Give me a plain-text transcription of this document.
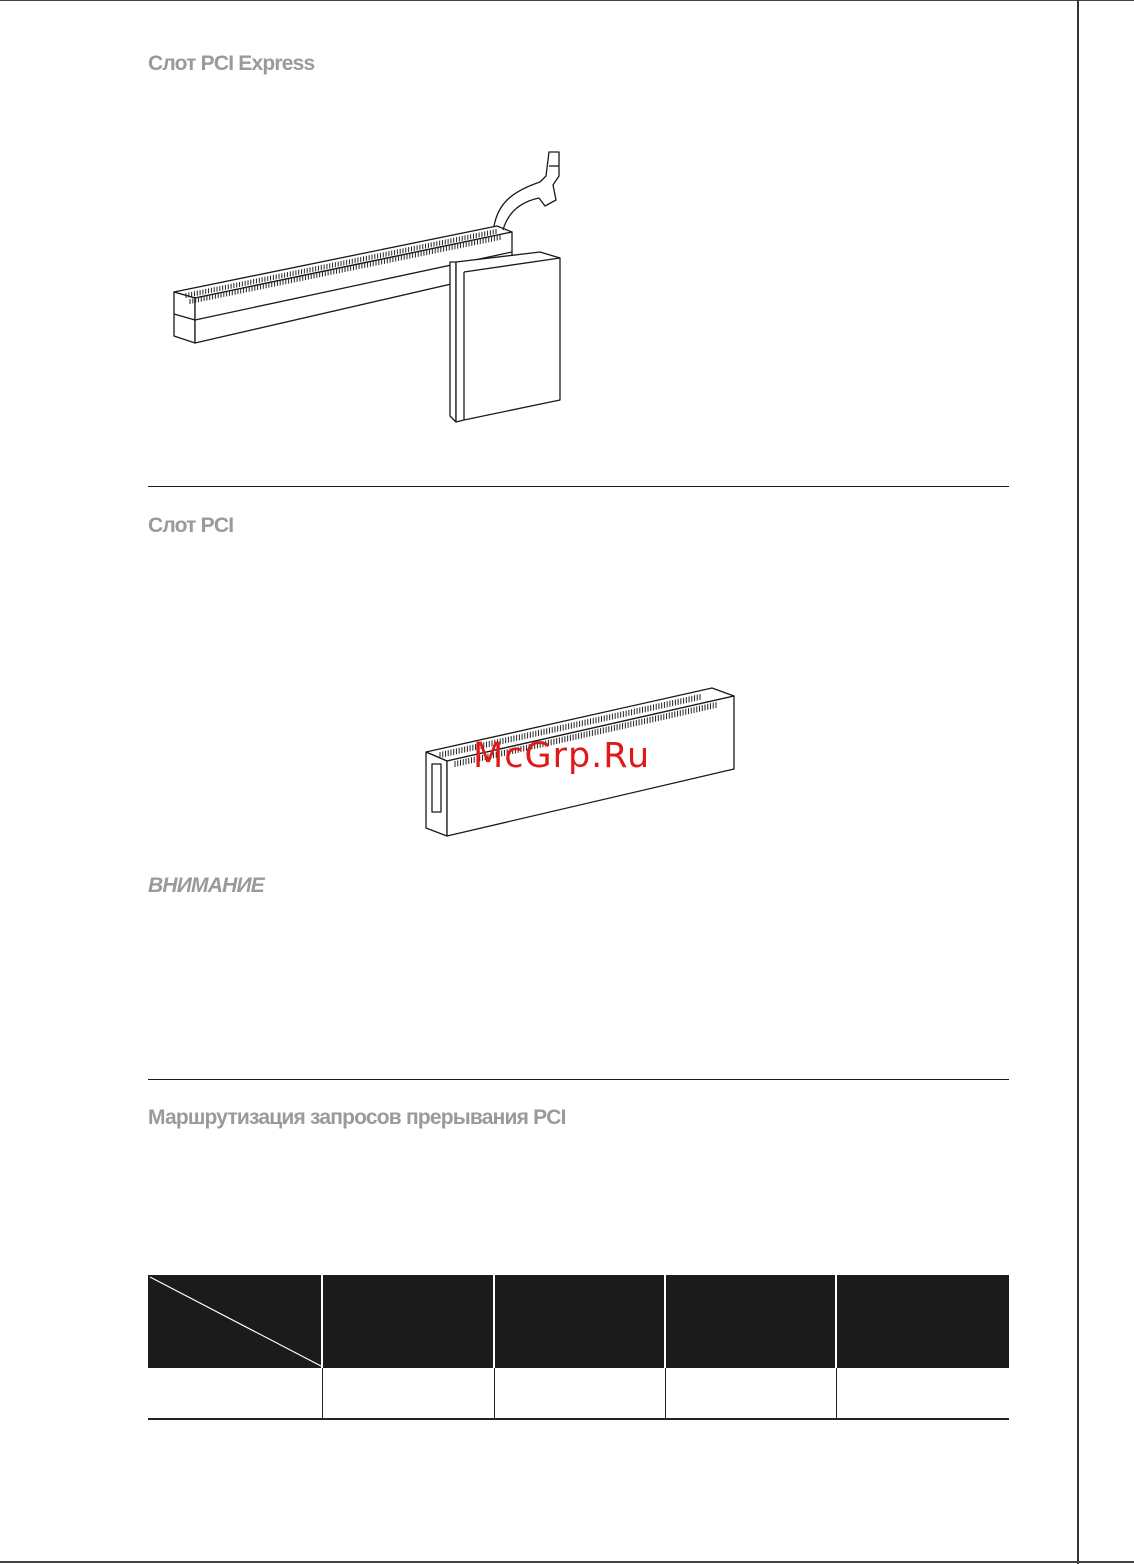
Слот PCI Express
Слот PCI
McGrp.Ru
ВНИМАНИЕ
Маршрутизация запросов прерывания PCI
